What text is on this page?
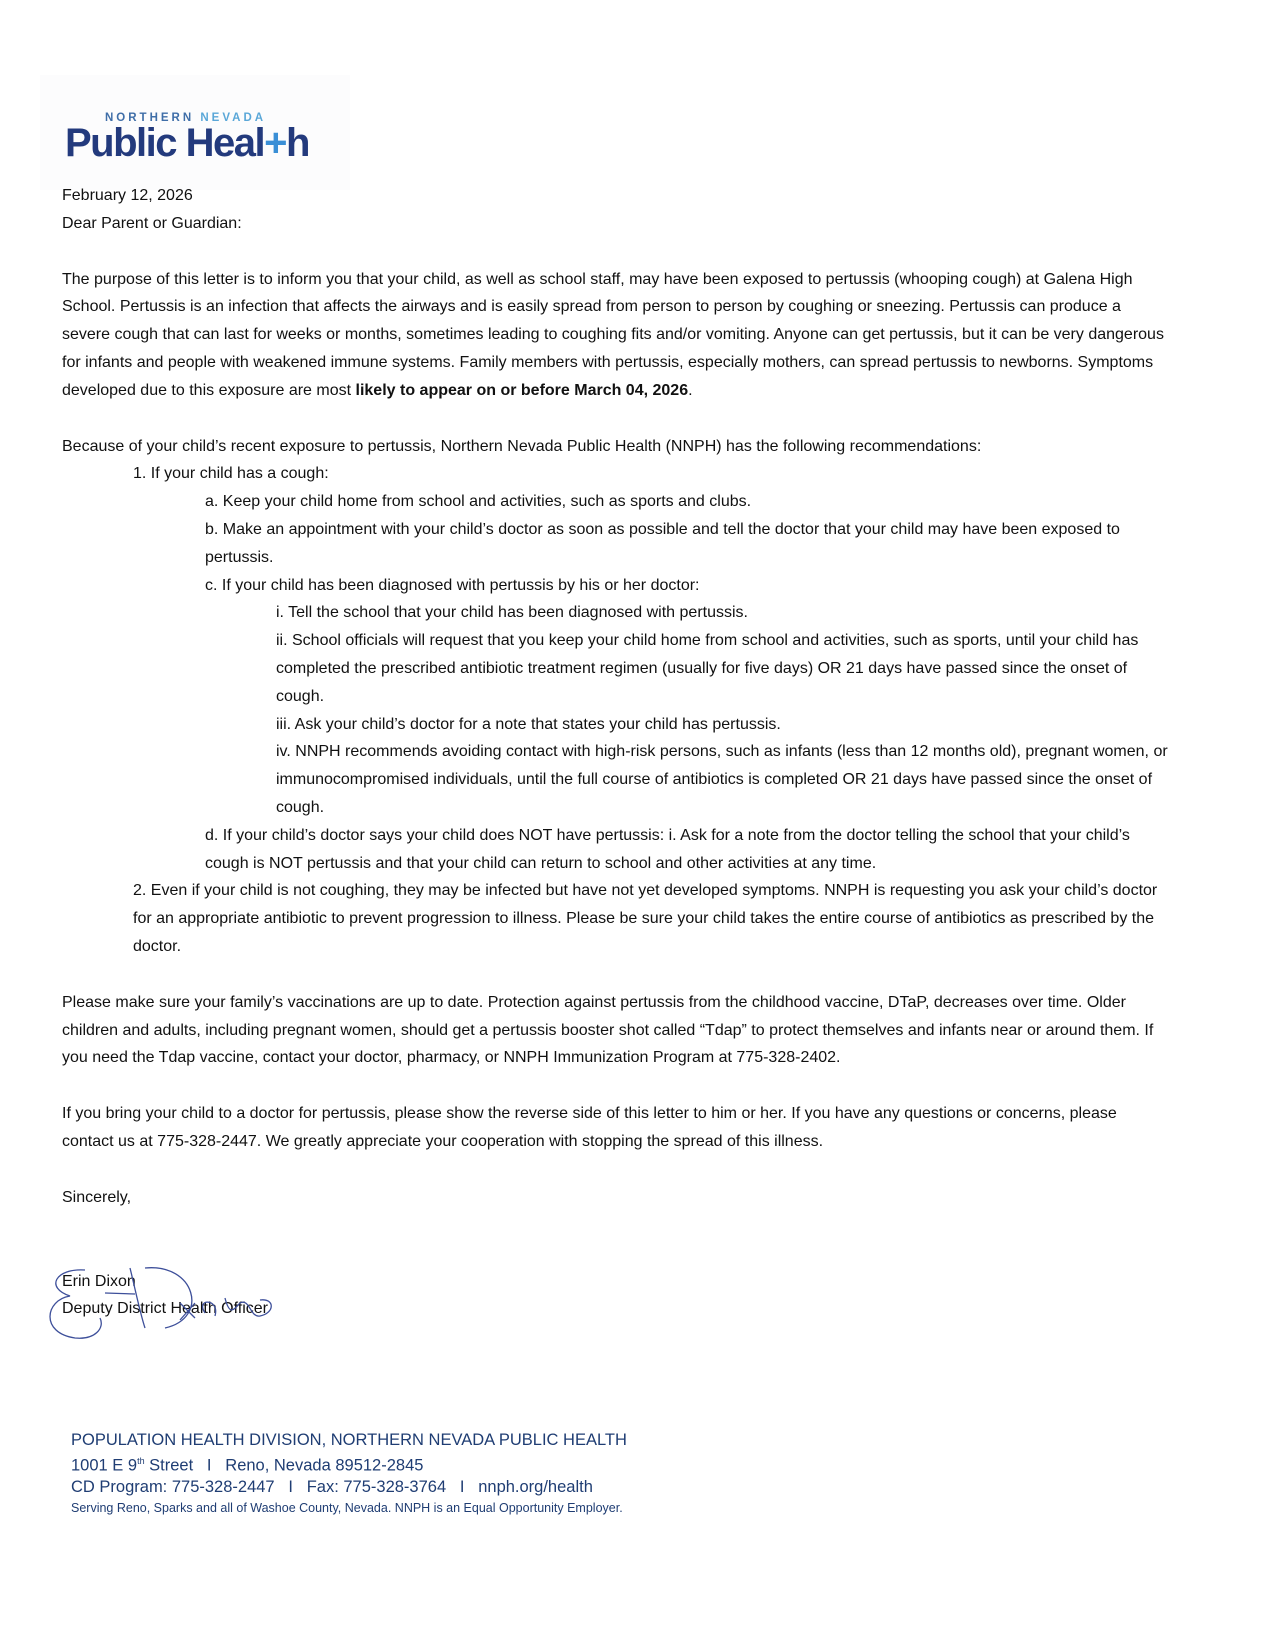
NORTHERN NEVADA
Public Heal+h

February 12, 2026

Dear Parent or Guardian:

The purpose of this letter is to inform you that your child, as well as school staff, may have been exposed to pertussis (whooping cough) at Galena High School. Pertussis is an infection that affects the airways and is easily spread from person to person by coughing or sneezing. Pertussis can produce a severe cough that can last for weeks or months, sometimes leading to coughing fits and/or vomiting. Anyone can get pertussis, but it can be very dangerous for infants and people with weakened immune systems. Family members with pertussis, especially mothers, can spread pertussis to newborns. Symptoms developed due to this exposure are most likely to appear on or before March 04, 2026.

Because of your child’s recent exposure to pertussis, Northern Nevada Public Health (NNPH) has the following recommendations:

1. If your child has a cough:

a. Keep your child home from school and activities, such as sports and clubs.

b. Make an appointment with your child’s doctor as soon as possible and tell the doctor that your child may have been exposed to pertussis.

c. If your child has been diagnosed with pertussis by his or her doctor:

i. Tell the school that your child has been diagnosed with pertussis.

ii. School officials will request that you keep your child home from school and activities, such as sports, until your child has completed the prescribed antibiotic treatment regimen (usually for five days) OR 21 days have passed since the onset of cough.

iii. Ask your child’s doctor for a note that states your child has pertussis.

iv. NNPH recommends avoiding contact with high-risk persons, such as infants (less than 12 months old), pregnant women, or immunocompromised individuals, until the full course of antibiotics is completed OR 21 days have passed since the onset of cough.

d. If your child’s doctor says your child does NOT have pertussis: i. Ask for a note from the doctor telling the school that your child’s cough is NOT pertussis and that your child can return to school and other activities at any time.

2. Even if your child is not coughing, they may be infected but have not yet developed symptoms. NNPH is requesting you ask your child’s doctor for an appropriate antibiotic to prevent progression to illness. Please be sure your child takes the entire course of antibiotics as prescribed by the doctor.

Please make sure your family’s vaccinations are up to date. Protection against pertussis from the childhood vaccine, DTaP, decreases over time. Older children and adults, including pregnant women, should get a pertussis booster shot called “Tdap” to protect themselves and infants near or around them. If you need the Tdap vaccine, contact your doctor, pharmacy, or NNPH Immunization Program at 775-328-2402.

If you bring your child to a doctor for pertussis, please show the reverse side of this letter to him or her. If you have any questions or concerns, please contact us at 775-328-2447. We greatly appreciate your cooperation with stopping the spread of this illness.

Sincerely,

Erin Dixon

Deputy District Health Officer

POPULATION HEALTH DIVISION, NORTHERN NEVADA PUBLIC HEALTH
1001 E 9th Street   I   Reno, Nevada 89512-2845
CD Program: 775-328-2447   I   Fax: 775-328-3764   I   nnph.org/health
Serving Reno, Sparks and all of Washoe County, Nevada. NNPH is an Equal Opportunity Employer.
